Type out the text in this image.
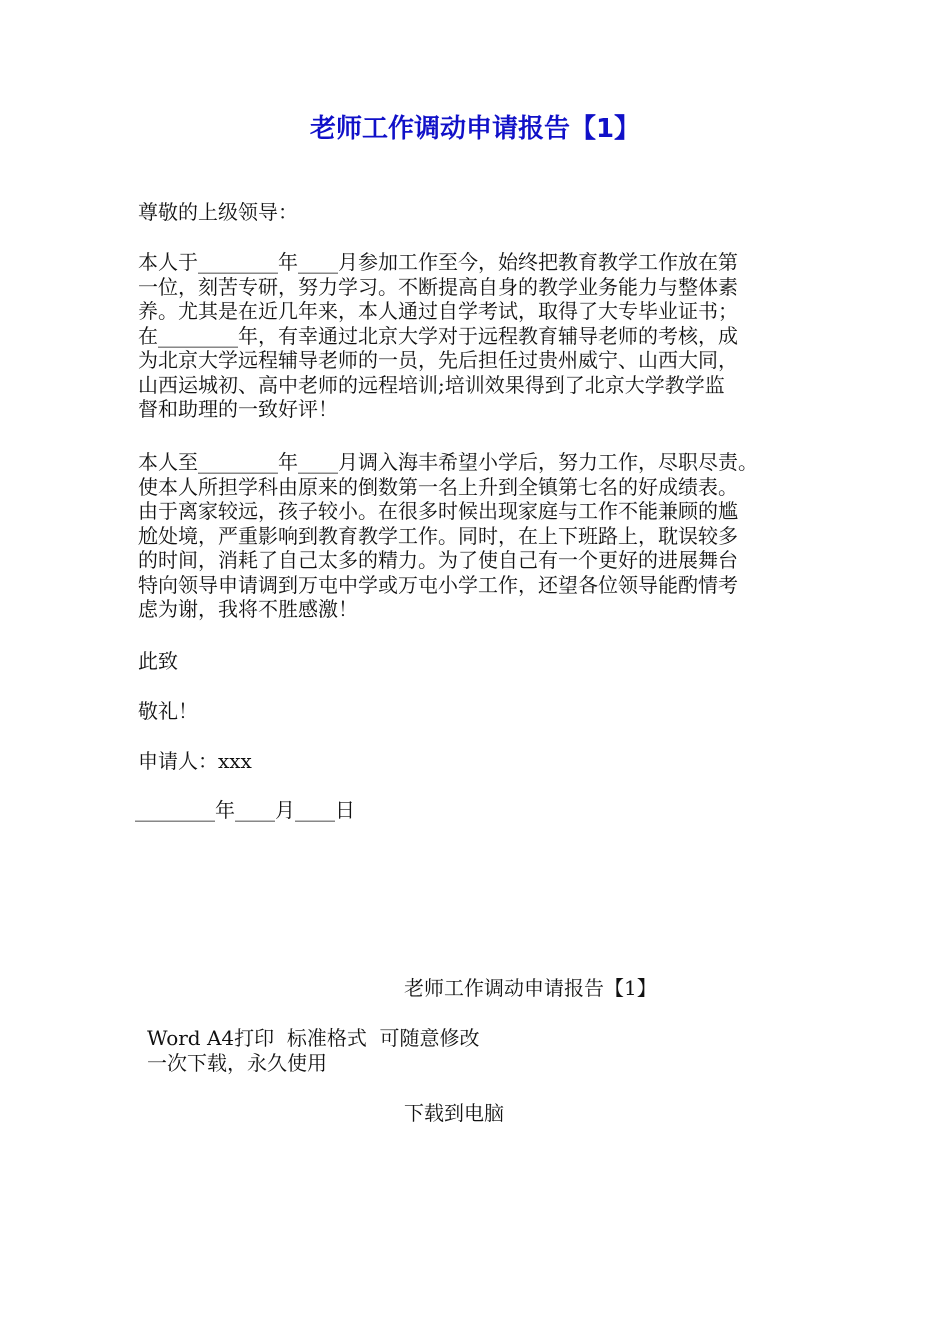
老师工作调动申请报告【1】
尊敬的上级领导：
本人于________年____月参加工作至今，始终把教育教学工作放在第
一位，刻苦专研，努力学习。不断提高自身的教学业务能力与整体素
养。尤其是在近几年来，本人通过自学考试，取得了大专毕业证书；
在________年，有幸通过北京大学对于远程教育辅导老师的考核，成
为北京大学远程辅导老师的一员，先后担任过贵州威宁、山西大同，
山西运城初、高中老师的远程培训;培训效果得到了北京大学教学监
督和助理的一致好评！
本人至________年____月调入海丰希望小学后，努力工作，尽职尽责。
使本人所担学科由原来的倒数第一名上升到全镇第七名的好成绩表。
由于离家较远，孩子较小。在很多时候出现家庭与工作不能兼顾的尴
尬处境，严重影响到教育教学工作。同时，在上下班路上，耽误较多
的时间，消耗了自己太多的精力。为了使自己有一个更好的进展舞台
特向领导申请调到万屯中学或万屯小学工作，还望各位领导能酌情考
虑为谢，我将不胜感激！
此致
敬礼！
申请人：xxx
________年____月____日
老师工作调动申请报告【1】
Word A4打印  标准格式  可随意修改
一次下载，永久使用
下载到电脑
